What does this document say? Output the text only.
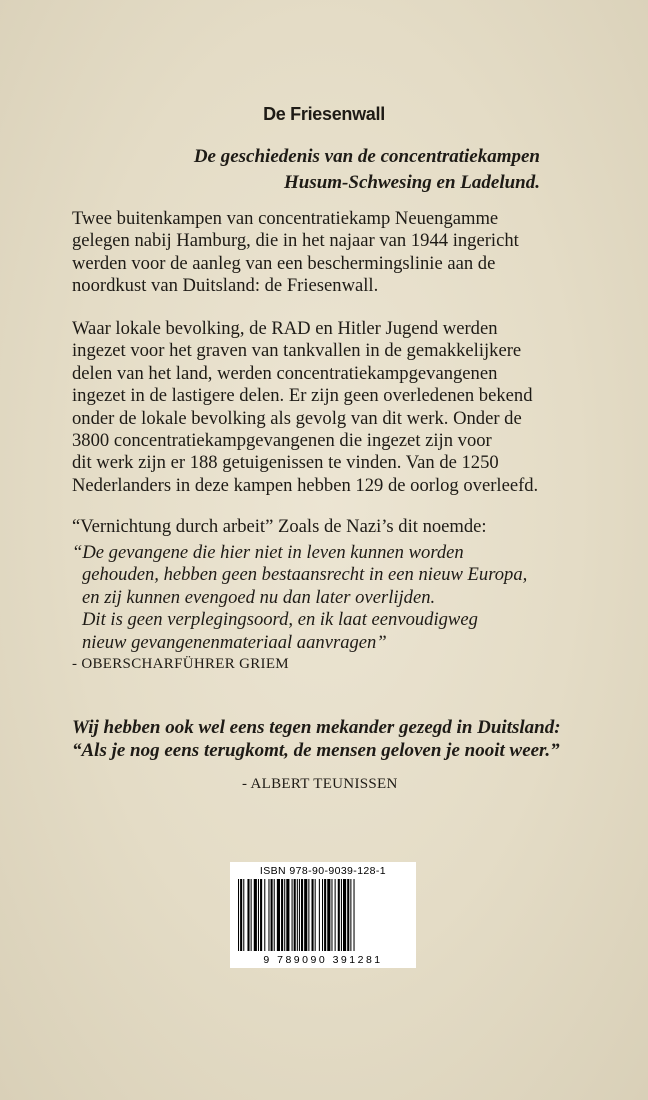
De Friesenwall
De geschiedenis van de concentratiekampen
Husum-Schwesing en Ladelund.
Twee buitenkampen van concentratiekamp Neuengamme
gelegen nabij Hamburg, die in het najaar van 1944 ingericht
werden voor de aanleg van een beschermingslinie aan de
noordkust van Duitsland: de Friesenwall.
Waar lokale bevolking, de RAD en Hitler Jugend werden
ingezet voor het graven van tankvallen in de gemakkelijkere
delen van het land, werden concentratiekampgevangenen
ingezet in de lastigere delen. Er zijn geen overledenen bekend
onder de lokale bevolking als gevolg van dit werk. Onder de
3800 concentratiekampgevangenen die ingezet zijn voor
dit werk zijn er 188 getuigenissen te vinden. Van de 1250
Nederlanders in deze kampen hebben 129 de oorlog overleefd.
“Vernichtung durch arbeit” Zoals de Nazi’s dit noemde:
“De gevangene die hier niet in leven kunnen worden
gehouden, hebben geen bestaansrecht in een nieuw Europa,
en zij kunnen evengoed nu dan later overlijden.
Dit is geen verplegingsoord, en ik laat eenvoudigweg
nieuw gevangenenmateriaal aanvragen”
- OBERSCHARFÜHRER GRIEM
Wij hebben ook wel eens tegen mekander gezegd in Duitsland:
“Als je nog eens terugkomt, de mensen geloven je nooit weer.”
- ALBERT TEUNISSEN
ISBN 978-90-9039-128-1
9 789090 391281
